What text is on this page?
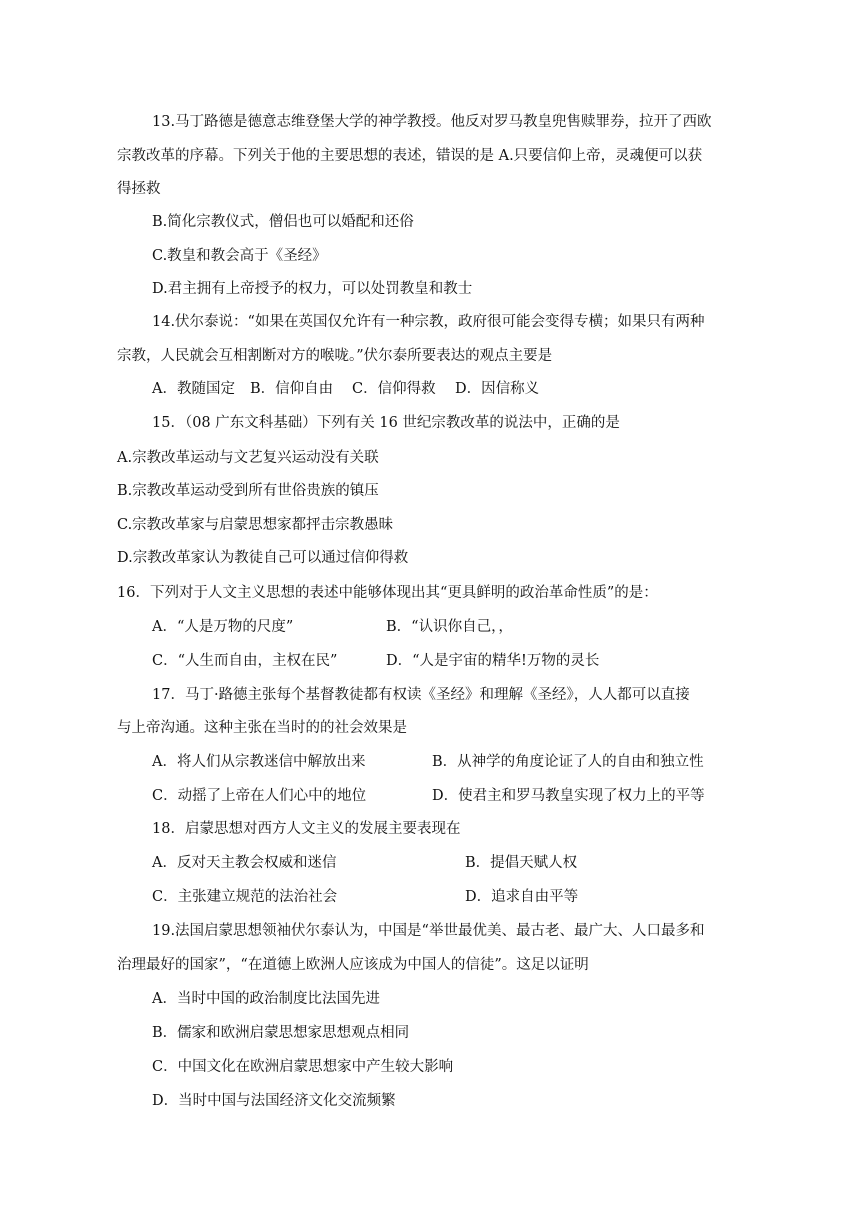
13.马丁路德是德意志维登堡大学的神学教授。他反对罗马教皇兜售赎罪券，拉开了西欧
宗教改革的序幕。下列关于他的主要思想的表述，错误的是 A.只要信仰上帝，灵魂便可以获
得拯救
B.简化宗教仪式，僧侣也可以婚配和还俗
C.教皇和教会高于《圣经》
D.君主拥有上帝授予的权力，可以处罚教皇和教士
14.伏尔泰说：“如果在英国仅允许有一种宗教，政府很可能会变得专横；如果只有两种
宗教，人民就会互相割断对方的喉咙。”伏尔泰所要表达的观点主要是
A．教随国定 B．信仰自由 C．信仰得救 D．因信称义
15．（08 广东文科基础）下列有关 16 世纪宗教改革的说法中，正确的是
A.宗教改革运动与文艺复兴运动没有关联
B.宗教改革运动受到所有世俗贵族的镇压
C.宗教改革家与启蒙思想家都抨击宗教愚昧
D.宗教改革家认为教徒自己可以通过信仰得救
16．下列对于人文主义思想的表述中能够体现出其“更具鲜明的政治革命性质”的是：
A．“人是万物的尺度”	B．“认识你自己，，
C．“人生而自由，主权在民”	D．“人是宇宙的精华!万物的灵长
17．马丁·路德主张每个基督教徒都有权读《圣经》和理解《圣经》，人人都可以直接
与上帝沟通。这种主张在当时的的社会效果是
A．将人们从宗教迷信中解放出来	B．从神学的角度论证了人的自由和独立性
C．动摇了上帝在人们心中的地位	D．使君主和罗马教皇实现了权力上的平等
18．启蒙思想对西方人文主义的发展主要表现在
A．反对天主教会权威和迷信	B．提倡天赋人权
C．主张建立规范的法治社会	D．追求自由平等
19.法国启蒙思想领袖伏尔泰认为，中国是“举世最优美、最古老、最广大、人口最多和
治理最好的国家”，“在道德上欧洲人应该成为中国人的信徒”。这足以证明
A．当时中国的政治制度比法国先进
B．儒家和欧洲启蒙思想家思想观点相同
C．中国文化在欧洲启蒙思想家中产生较大影响
D．当时中国与法国经济文化交流频繁
